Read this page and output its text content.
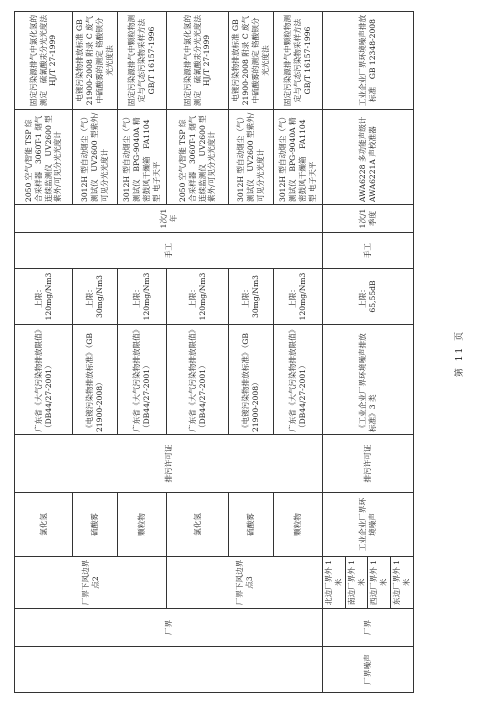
	厂界	厂界下风边界点2	氯化氢	排污许可证	广东省《大气污染物排放限值》（DB44/27-2001）	上限：120mg/Nm3	手工	1次/1年	2050 空气/智能 TSP 综合采样器　3060T-1 烟气连续监测仪　UV2600 型 紫外/可见分光光度计	固定污染源排气中氯化氢的测定　硫氰酸汞分光光度法　HJ/T 27-1999
			硫酸雾		《电镀污染物排放标准》（GB 21900-2008）	上限：30mg/Nm3			3012H 型自动烟尘（气）测试仪　UV2600 型紫外/可见分光光度计	电镀污染物排放标准 GB 21900-2008 附录 C 废气中硫酸雾的测定 铬酸钡分光光度法
			颗粒物		广东省《大气污染物排放限值》（DB44/27-2001）	上限：120mg/Nm3			3012H 型自动烟尘（气）测试仪　BPG-9040A 精密鼓风干燥箱　FA1104 型 电子天平	固定污染源排气中颗粒物测定与气态污染物采样方法 GB/T 16157-1996
		厂界下风边界点3	氯化氢		广东省《大气污染物排放限值》（DB44/27-2001）	上限：120mg/Nm3			2050 空气/智能 TSP 综合采样器　3060T-1 烟气连续监测仪　UV2600 型 紫外/可见分光光度计	固定污染源排气中氯化氢的测定　硫氰酸汞分光光度法　HJ/T 27-1999
			硫酸雾		《电镀污染物排放标准》（GB 21900-2008）	上限：30mg/Nm3			3012H 型自动烟尘（气）测试仪　UV2600 型紫外/可见分光光度计	电镀污染物排放标准 GB 21900-2008 附录 C 废气中硫酸雾的测定 铬酸钡分光光度法
			颗粒物		广东省《大气污染物排放限值》（DB44/27-2001）	上限：120mg/Nm3			3012H 型自动烟尘（气）测试仪　BPG-9040A 精密鼓风干燥箱　FA1104 型 电子天平	固定污染源排气中颗粒物测定与气态污染物采样方法 GB/T 16157-1996
厂界噪声	厂界	北边厂界外 1 米	工业企业厂界环境噪声	排污许可证	《工业企业厂界环境噪声排放标准》3 类	上限：65,55dB	手工	1次/1季度	AWA6228 多功能声级计　AWA6221A 声校准器	工业企业厂界环境噪声排放标准　GB 12348-2008
		南边厂界外 1 米								
		西边厂界外 1 米								
		东边厂界外 1 米								
第 11 页
